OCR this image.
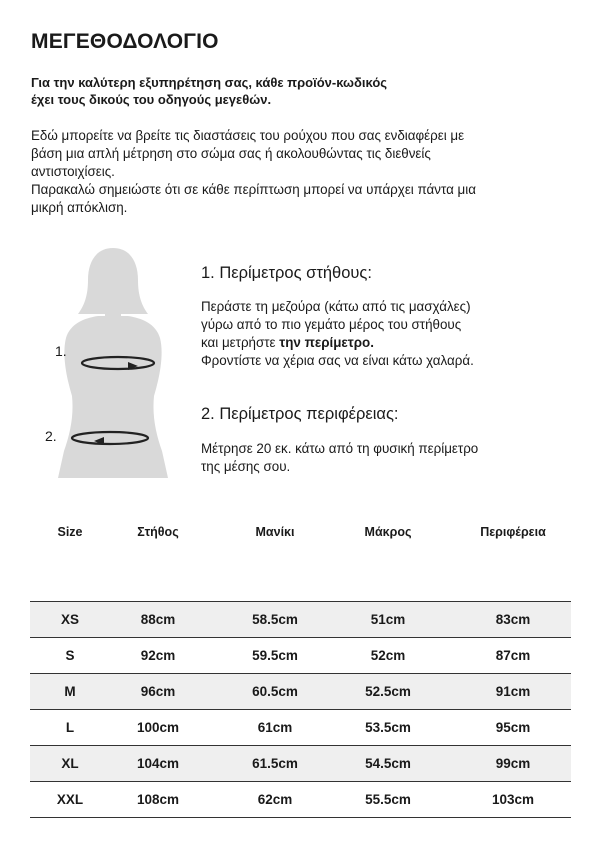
ΜΕΓΕΘΟΔΟΛΟΓΙΟ
Για την καλύτερη εξυπηρέτηση σας, κάθε προϊόν-κωδικός
έχει τους δικούς του οδηγούς μεγεθών.
Εδώ μπορείτε να βρείτε τις διαστάσεις του ρούχου που σας ενδιαφέρει με
βάση μια απλή μέτρηση στο σώμα σας ή ακολουθώντας τις διεθνείς
αντιστοιχίσεις.
Παρακαλώ σημειώστε ότι σε κάθε περίπτωση μπορεί να υπάρχει πάντα μια
μικρή απόκλιση.
1.
2.
1. Περίμετρος στήθους:
Περάστε τη μεζούρα (κάτω από τις μασχάλες)
γύρω από το πιο γεμάτο μέρος του στήθους
και μετρήστε την περίμετρο.
Φροντίστε να χέρια σας να είναι κάτω χαλαρά.
2. Περίμετρος περιφέρειας:
Μέτρησε 20 εκ. κάτω από τη φυσική περίμετρο
της μέσης σου.
Size	Στήθος	Μανίκι	Μάκρος	Περιφέρεια
XS	88cm	58.5cm	51cm	83cm
S	92cm	59.5cm	52cm	87cm
M	96cm	60.5cm	52.5cm	91cm
L	100cm	61cm	53.5cm	95cm
XL	104cm	61.5cm	54.5cm	99cm
XXL	108cm	62cm	55.5cm	103cm
